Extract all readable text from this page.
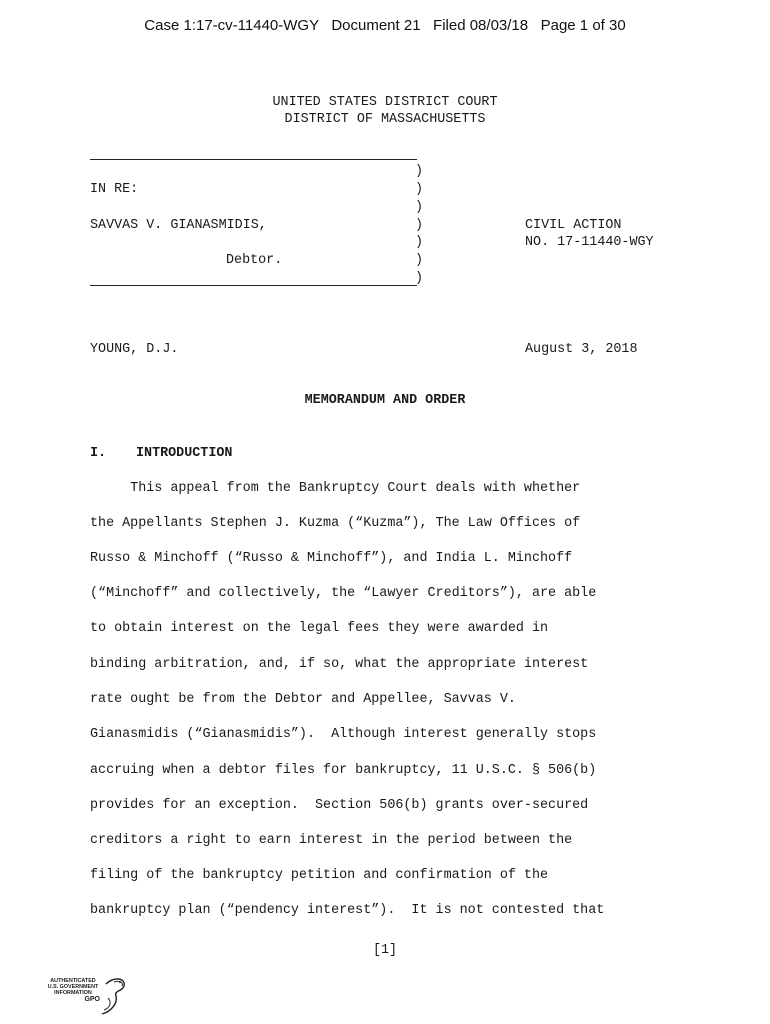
Case 1:17-cv-11440-WGY   Document 21   Filed 08/03/18   Page 1 of 30
UNITED STATES DISTRICT COURT
DISTRICT OF MASSACHUSETTS
)
IN RE:	)
)
SAVVAS V. GIANASMIDIS,	)	CIVIL ACTION
)	NO. 17-11440-WGY
Debtor.	)
)
YOUNG, D.J.	August 3, 2018
MEMORANDUM AND ORDER
I. INTRODUCTION
This appeal from the Bankruptcy Court deals with whether
the Appellants Stephen J. Kuzma (“Kuzma”), The Law Offices of
Russo & Minchoff (“Russo & Minchoff”), and India L. Minchoff
(“Minchoff” and collectively, the “Lawyer Creditors”), are able
to obtain interest on the legal fees they were awarded in
binding arbitration, and, if so, what the appropriate interest
rate ought be from the Debtor and Appellee, Savvas V.
Gianasmidis (“Gianasmidis”).  Although interest generally stops
accruing when a debtor files for bankruptcy, 11 U.S.C. § 506(b)
provides for an exception.  Section 506(b) grants over-secured
creditors a right to earn interest in the period between the
filing of the bankruptcy petition and confirmation of the
bankruptcy plan (“pendency interest”).  It is not contested that
[1]
AUTHENTICATED
U.S. GOVERNMENT
INFORMATION
GPO
